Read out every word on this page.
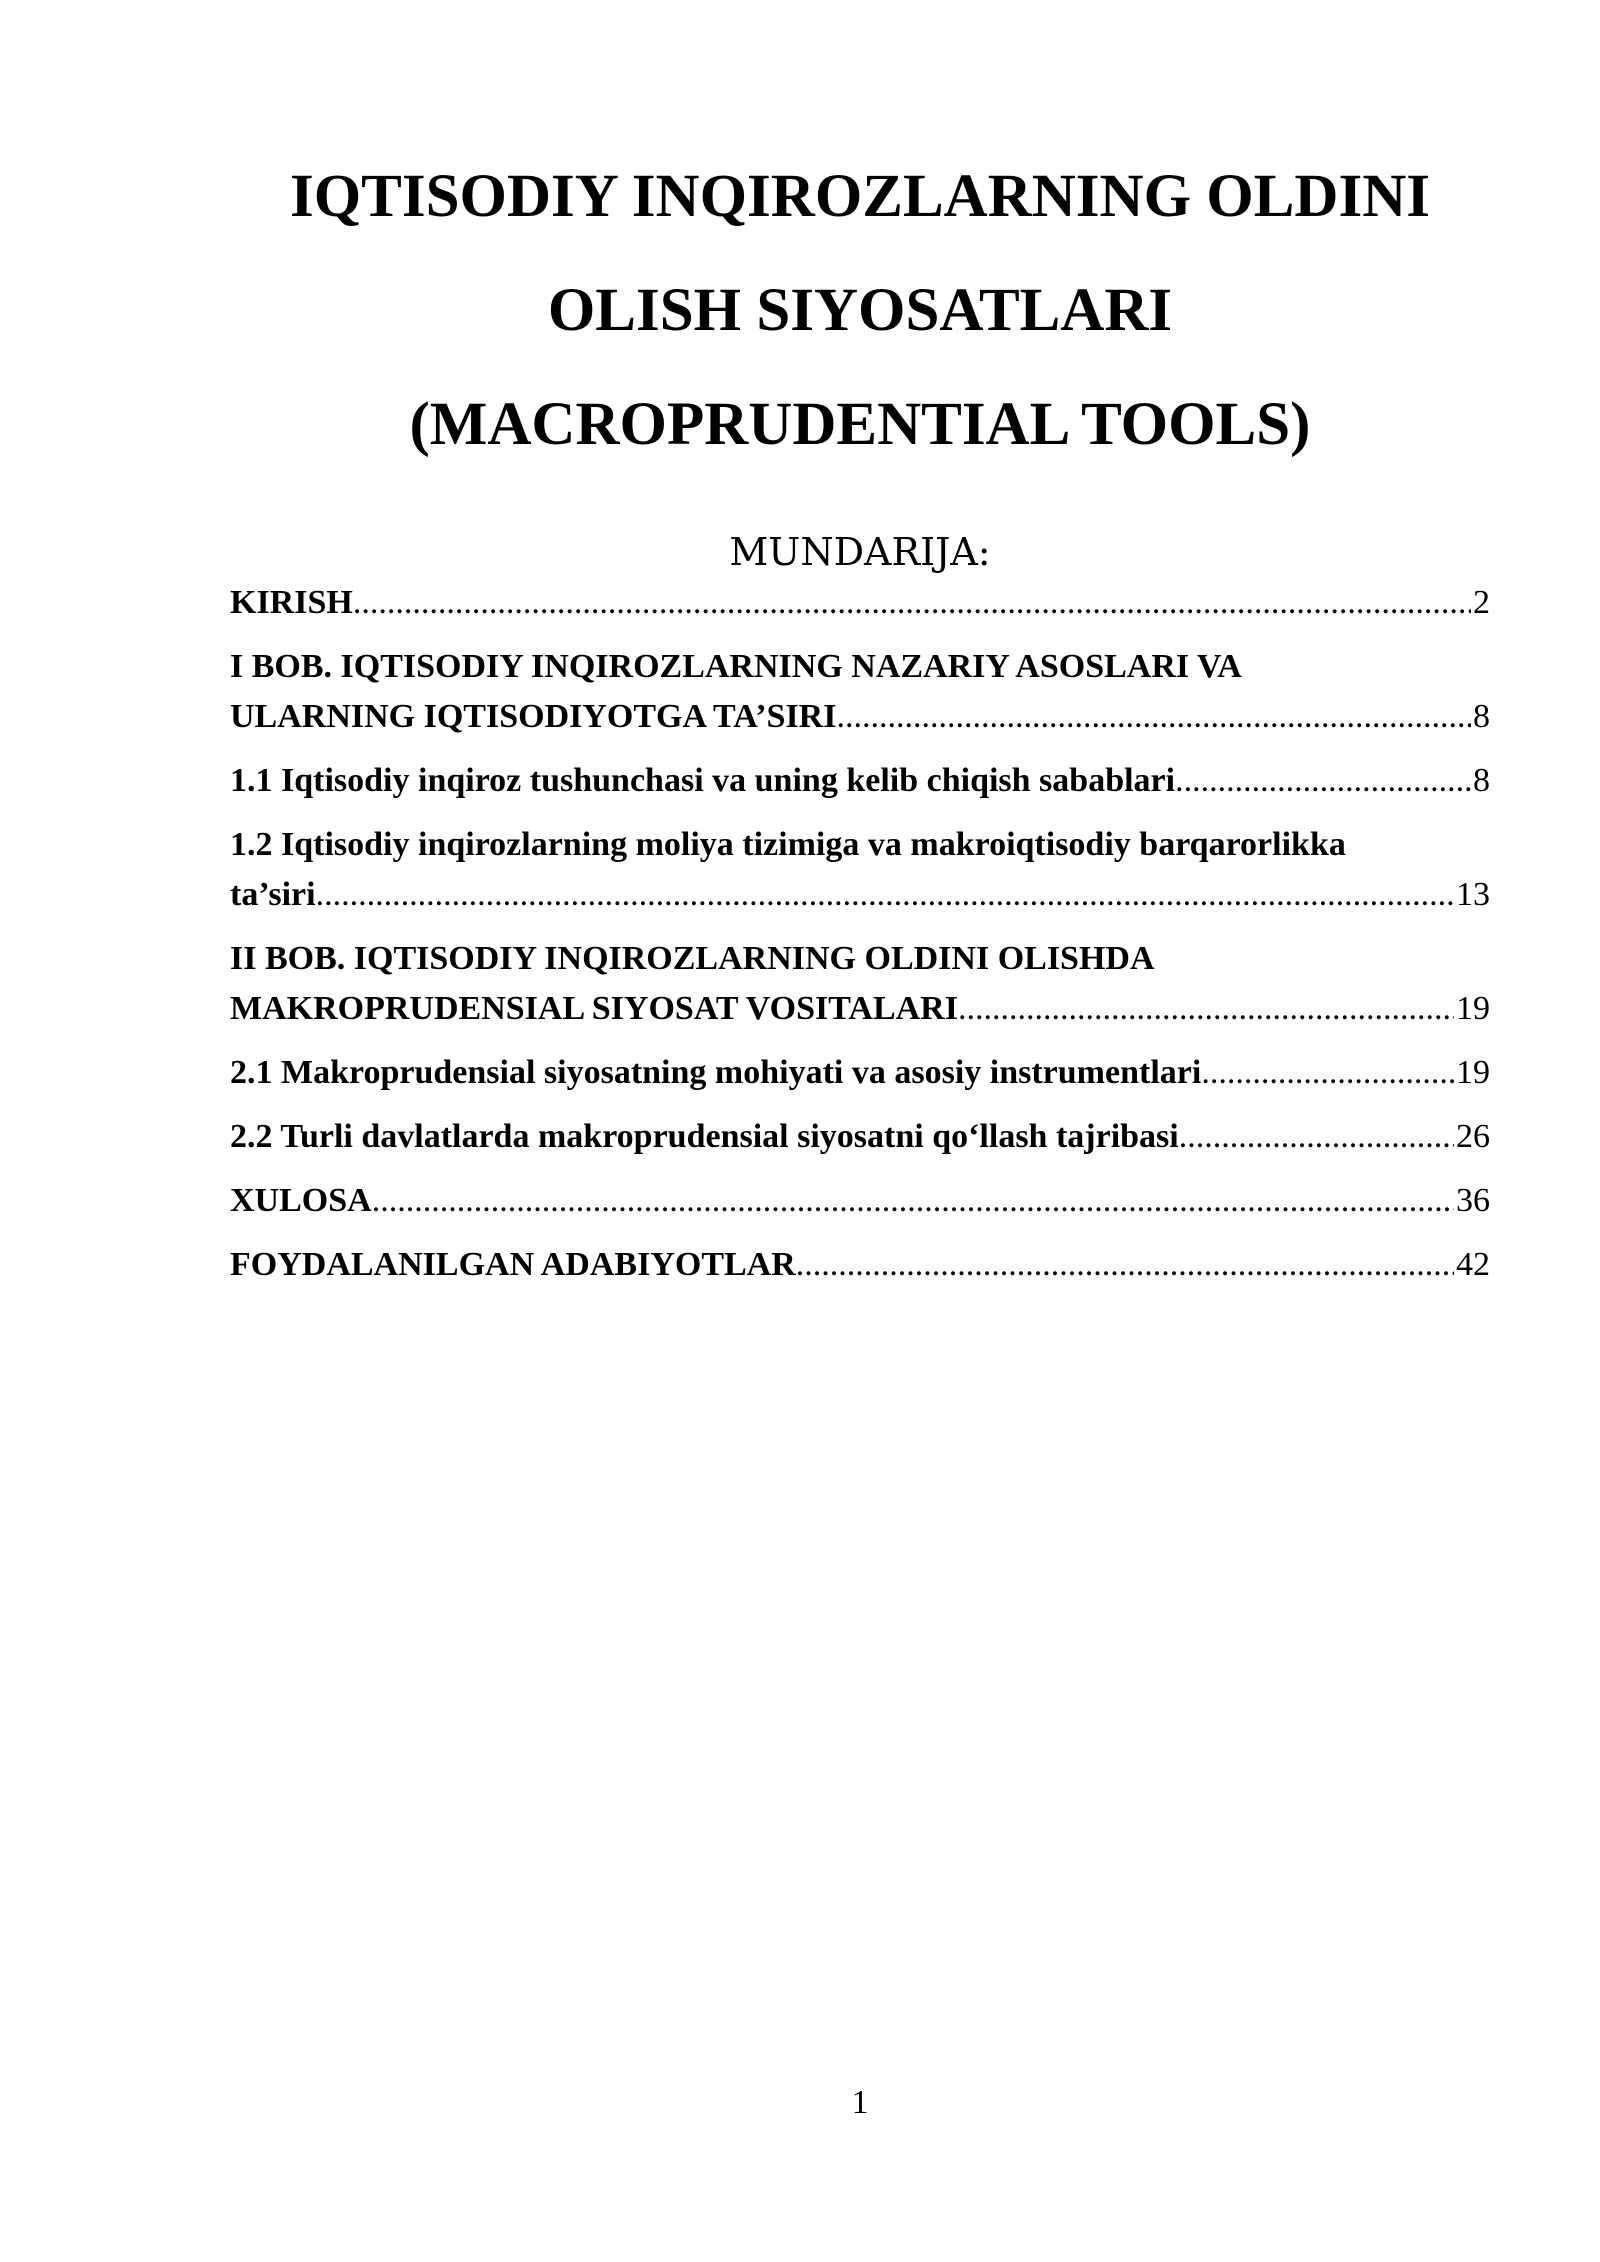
IQTISODIY INQIROZLARNING OLDINI
OLISH SIYOSATLARI
(MACROPRUDENTIAL TOOLS)
MUNDARIJA:
KIRISH .....	2
I BOB. IQTISODIY INQIROZLARNING NAZARIY ASOSLARI VA
ULARNING IQTISODIYOTGA TA’SIRI .....	8
1.1 Iqtisodiy inqiroz tushunchasi va uning kelib chiqish sabablari .....	8
1.2 Iqtisodiy inqirozlarning moliya tizimiga va makroiqtisodiy barqarorlikka
ta’siri .....	13
II BOB. IQTISODIY INQIROZLARNING OLDINI OLISHDA
MAKROPRUDENSIAL SIYOSAT VOSITALARI .....	19
2.1 Makroprudensial siyosatning mohiyati va asosiy instrumentlari .....	19
2.2 Turli davlatlarda makroprudensial siyosatni qo‘llash tajribasi .....	26
XULOSA .....	36
FOYDALANILGAN ADABIYOTLAR .....	42
1
